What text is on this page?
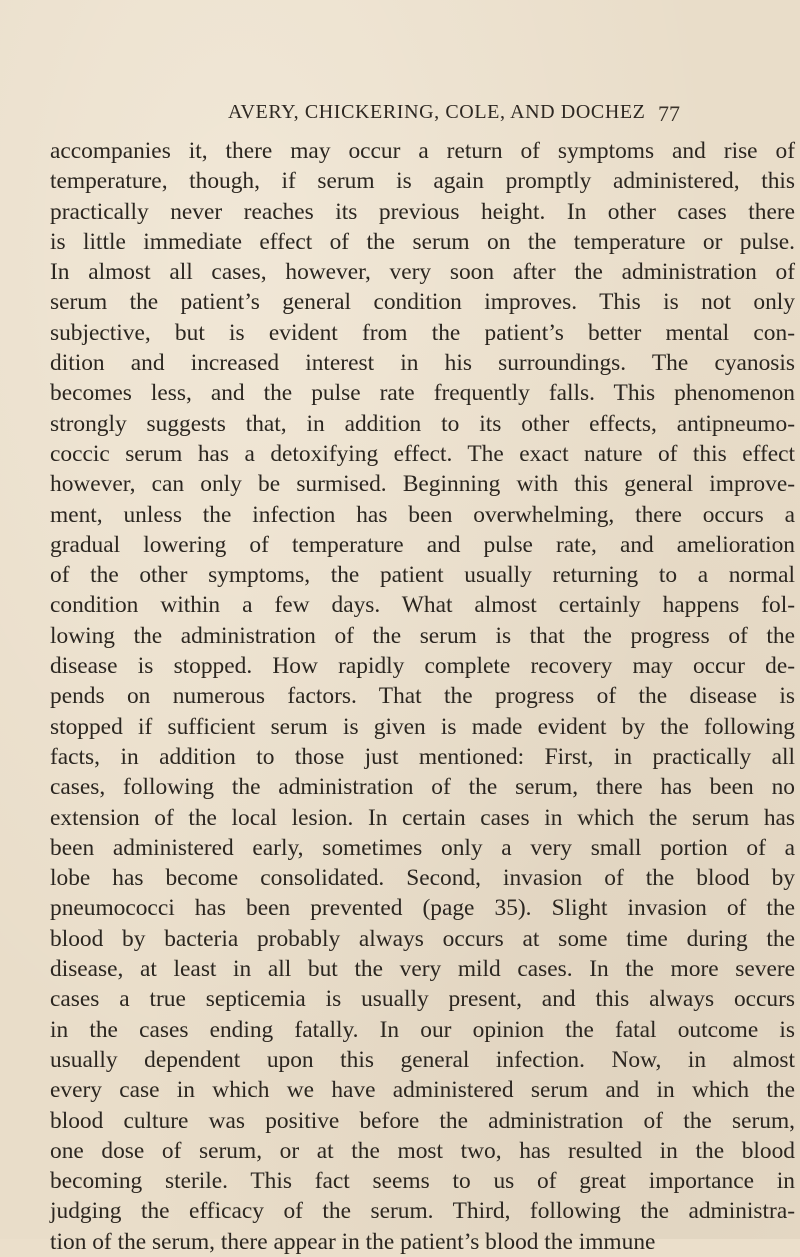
AVERY, CHICKERING, COLE, AND DOCHEZ 77
accompanies it, there may occur a return of symptoms and rise of
temperature, though, if serum is again promptly administered, this
practically never reaches its previous height. In other cases there
is little immediate effect of the serum on the temperature or pulse.
In almost all cases, however, very soon after the administration of
serum the patient’s general condition improves. This is not only
subjective, but is evident from the patient’s better mental con-
dition and increased interest in his surroundings. The cyanosis
becomes less, and the pulse rate frequently falls. This phenomenon
strongly suggests that, in addition to its other effects, antipneumo-
coccic serum has a detoxifying effect. The exact nature of this effect
however, can only be surmised. Beginning with this general improve-
ment, unless the infection has been overwhelming, there occurs a
gradual lowering of temperature and pulse rate, and amelioration
of the other symptoms, the patient usually returning to a normal
condition within a few days. What almost certainly happens fol-
lowing the administration of the serum is that the progress of the
disease is stopped. How rapidly complete recovery may occur de-
pends on numerous factors. That the progress of the disease is
stopped if sufficient serum is given is made evident by the following
facts, in addition to those just mentioned: First, in practically all
cases, following the administration of the serum, there has been no
extension of the local lesion. In certain cases in which the serum has
been administered early, sometimes only a very small portion of a
lobe has become consolidated. Second, invasion of the blood by
pneumococci has been prevented (page 35). Slight invasion of the
blood by bacteria probably always occurs at some time during the
disease, at least in all but the very mild cases. In the more severe
cases a true septicemia is usually present, and this always occurs
in the cases ending fatally. In our opinion the fatal outcome is
usually dependent upon this general infection. Now, in almost
every case in which we have administered serum and in which the
blood culture was positive before the administration of the serum,
one dose of serum, or at the most two, has resulted in the blood
becoming sterile. This fact seems to us of great importance in
judging the efficacy of the serum. Third, following the administra-
tion of the serum, there appear in the patient’s blood the immune
